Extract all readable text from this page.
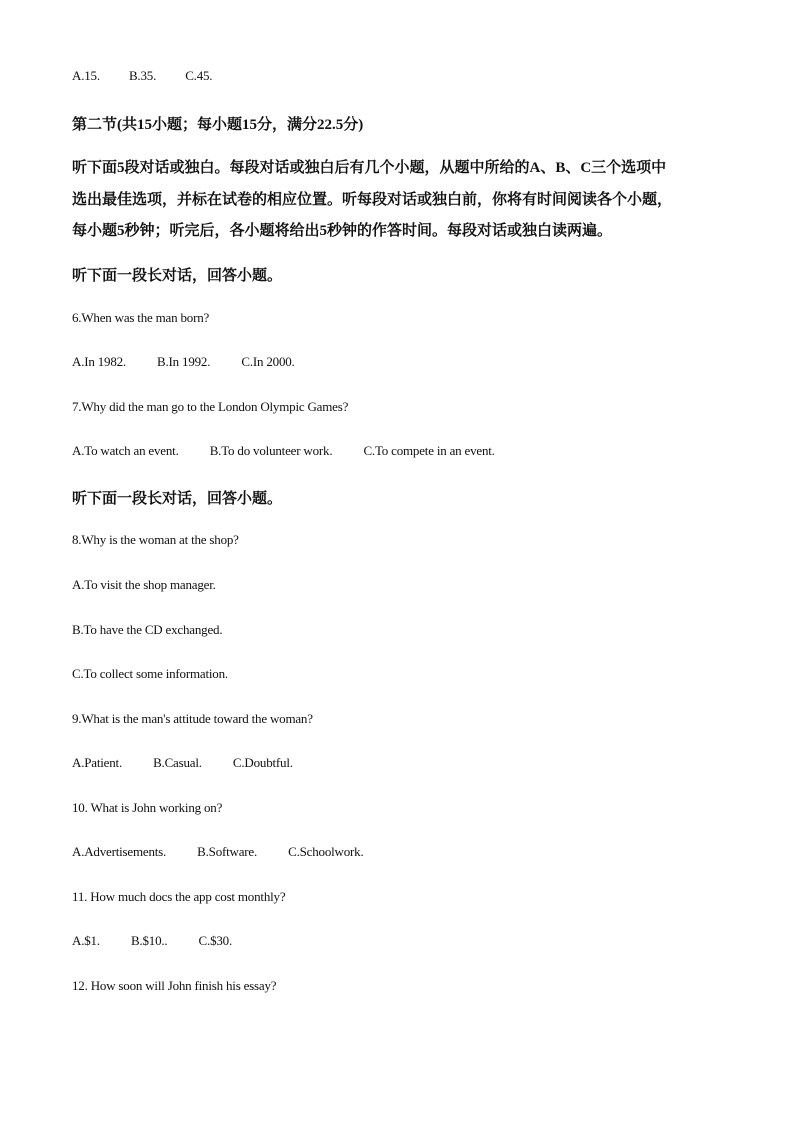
A.15. B.35. C.45.
第二节(共15小题；每小题15分，满分22.5分)
听下面5段对话或独白。每段对话或独白后有几个小题，从题中所给的A、B、C三个选项中
选出最佳选项，并标在试卷的相应位置。听每段对话或独白前，你将有时间阅读各个小题，
每小题5秒钟；听完后，各小题将给出5秒钟的作答时间。每段对话或独白读两遍。
听下面一段长对话，回答小题。
6.When was the man born?
A.In 1982. B.In 1992. C.In 2000.
7.Why did the man go to the London Olympic Games?
A.To watch an event. B.To do volunteer work. C.To compete in an event.
听下面一段长对话，回答小题。
8.Why is the woman at the shop?
A.To visit the shop manager.
B.To have the CD exchanged.
C.To collect some information.
9.What is the man's attitude toward the woman?
A.Patient. B.Casual. C.Doubtful.
10. What is John working on?
A.Advertisements. B.Software. C.Schoolwork.
11. How much docs the app cost monthly?
A.$1. B.$10.. C.$30.
12. How soon will John finish his essay?
